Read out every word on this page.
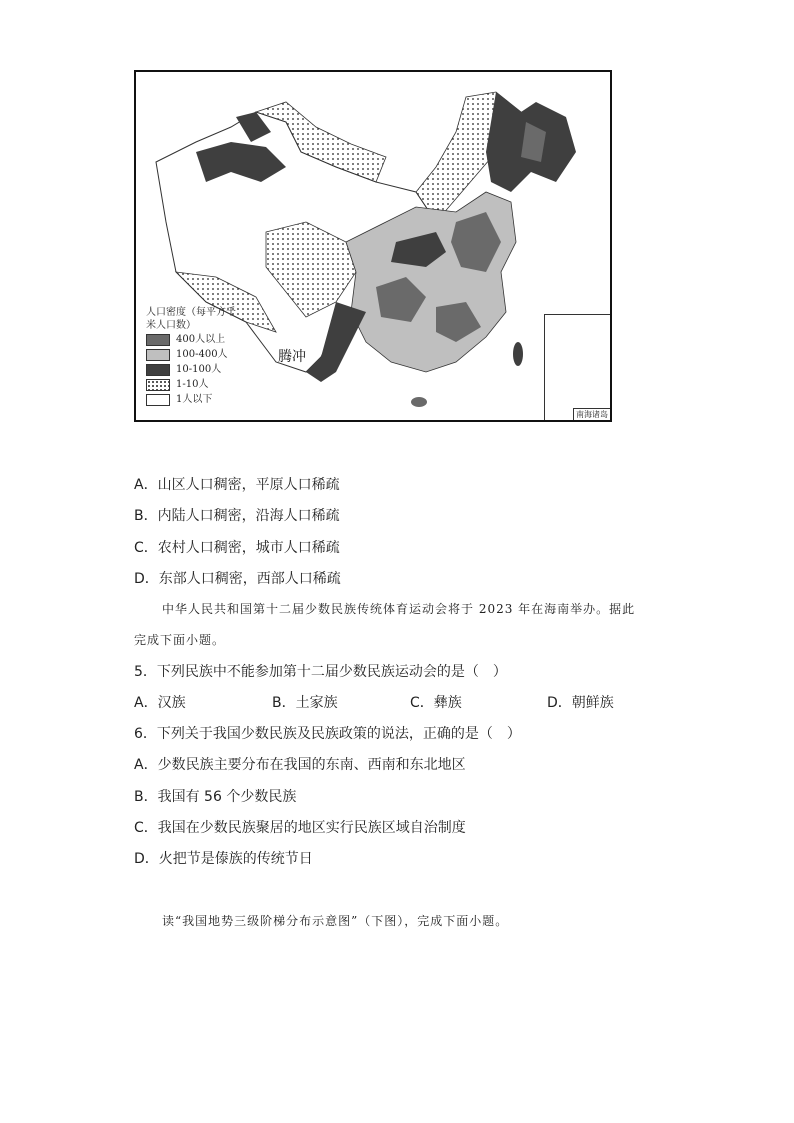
人口密度（每平方千米人口数）
400人以上
100-400人
10-100人
1-10人
1人以下
腾冲
南海诸岛
A．山区人口稠密，平原人口稀疏
B．内陆人口稠密，沿海人口稀疏
C．农村人口稠密，城市人口稀疏
D．东部人口稠密，西部人口稀疏
中华人民共和国第十二届少数民族传统体育运动会将于 2023 年在海南举办。据此
完成下面小题。
5．下列民族中不能参加第十二届少数民族运动会的是（　）
A．汉族	B．土家族	C．彝族	D．朝鲜族
6．下列关于我国少数民族及民族政策的说法，正确的是（　）
A．少数民族主要分布在我国的东南、西南和东北地区
B．我国有 56 个少数民族
C．我国在少数民族聚居的地区实行民族区域自治制度
D．火把节是傣族的传统节日
读“我国地势三级阶梯分布示意图”（下图），完成下面小题。
